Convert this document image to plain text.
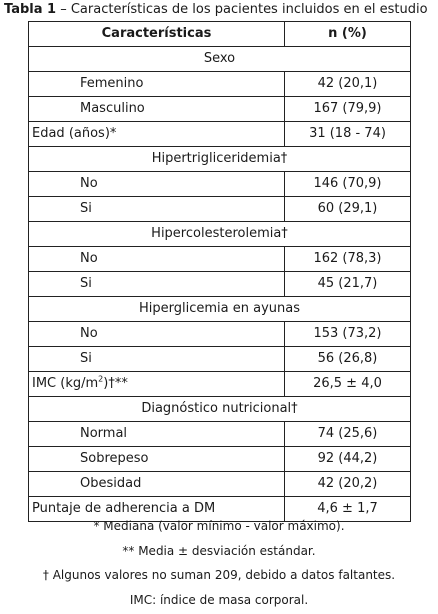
Tabla 1 – Características de los pacientes incluidos en el estudio
Características	n (%)
Sexo	
Femenino	42 (20,1)
Masculino	167 (79,9)
Edad (años)*	31 (18 - 74)
Hipertrigliceridemia†	
No	146 (70,9)
Si	60 (29,1)
Hipercolesterolemia†	
No	162 (78,3)
Si	45 (21,7)
Hiperglicemia en ayunas	
No	153 (73,2)
Si	56 (26,8)
IMC $(kg/m^2)\dagger**$	26,5 ± 4,0
Diagnóstico nutricional†	
Normal	74 (25,6)
Sobrepeso	92 (44,2)
Obesidad	42 (20,2)
Puntaje de adherencia a DM	4,6 ± 1,7
* Mediana (valor mínimo - valor máximo).
** Media ± desviación estándar.
† Algunos valores no suman 209, debido a datos faltantes.
IMC: índice de masa corporal.
